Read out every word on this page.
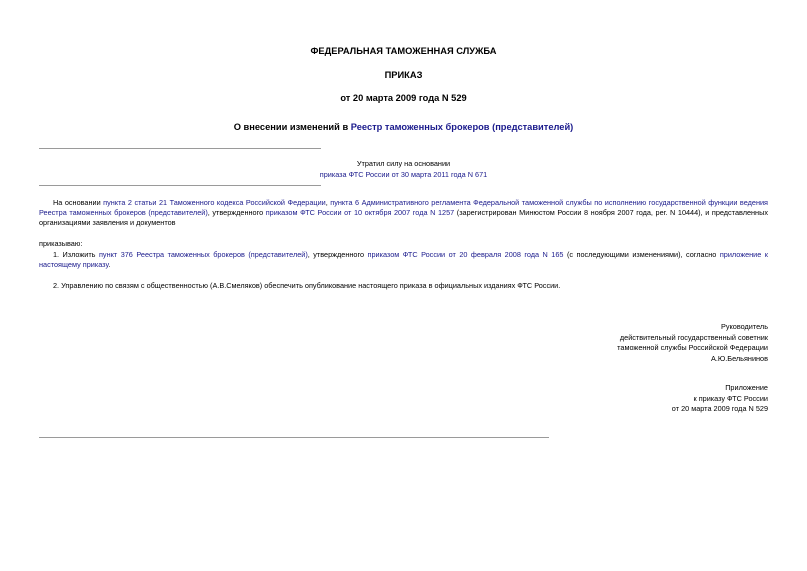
ФЕДЕРАЛЬНАЯ ТАМОЖЕННАЯ СЛУЖБА
ПРИКАЗ
от 20 марта 2009 года N 529
О внесении изменений в Реестр таможенных брокеров (представителей)
Утратил силу на основании
приказа ФТС России от 30 марта 2011 года N 671
На основании пункта 2 статьи 21 Таможенного кодекса Российской Федерации, пункта 6 Административного регламента Федеральной таможенной службы по исполнению государственной функции ведения Реестра таможенных брокеров (представителей), утвержденного приказом ФТС России от 10 октября 2007 года N 1257 (зарегистрирован Минюстом России 8 ноября 2007 года, рег. N 10444), и представленных организациями заявления и документов
приказываю:
1. Изложить пункт 376 Реестра таможенных брокеров (представителей), утвержденного приказом ФТС России от 20 февраля 2008 года N 165 (с последующими изменениями), согласно приложение к настоящему приказу.
2. Управлению по связям с общественностью (А.В.Смеляков) обеспечить опубликование настоящего приказа в официальных изданиях ФТС России.
Руководитель
действительный государственный советник
таможенной службы Российской Федерации
А.Ю.Бельянинов
Приложение
к приказу ФТС России
от 20 марта 2009 года N 529
